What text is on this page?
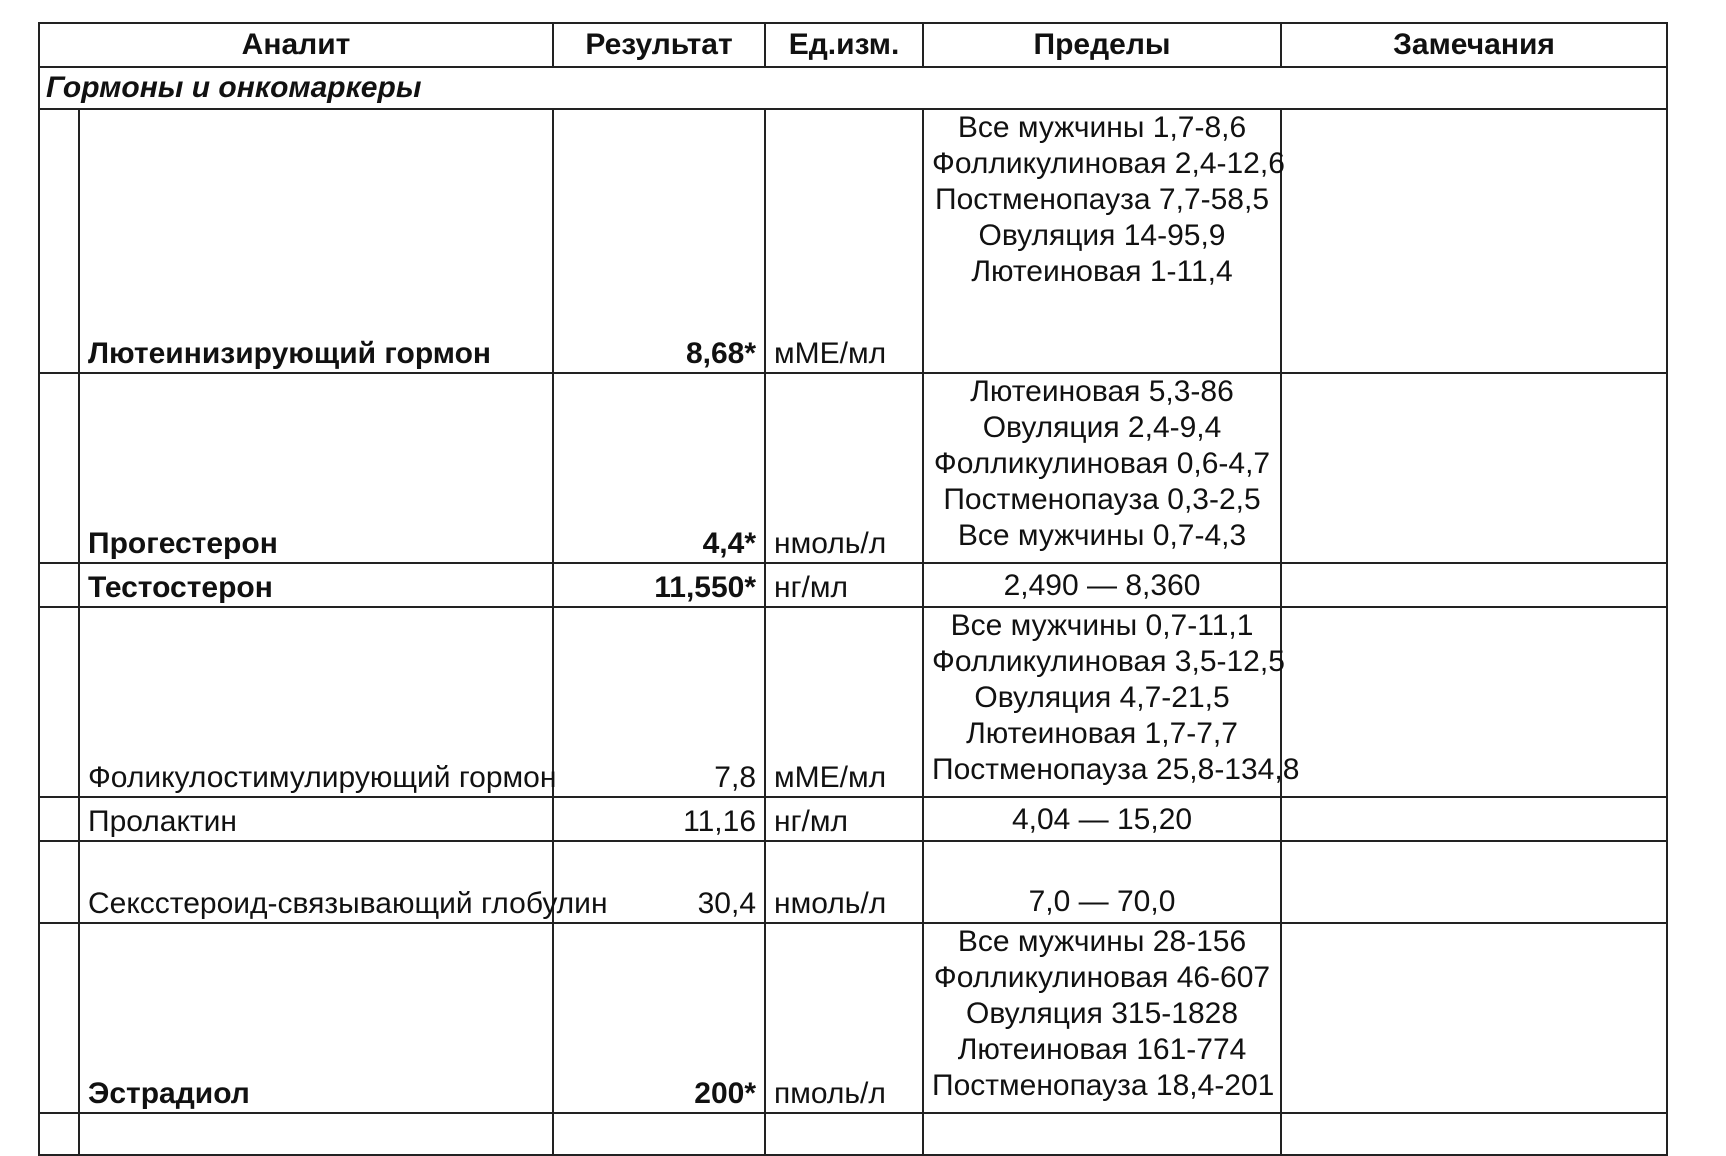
Аналит		Результат	Ед.изм.	Пределы	Замечания
Гормоны и онкомаркеры					
	Лютеинизирующий гормон	8,68*	мМЕ/мл	Все мужчины 1,7-8,6
Фолликулиновая 2,4-12,6
Постменопауза 7,7-58,5
Овуляция 14-95,9
Лютеиновая 1-11,4	

	Прогестерон	4,4*	нмоль/л	Лютеиновая 5,3-86
Овуляция 2,4-9,4
Фолликулиновая 0,6-4,7
Постменопауза 0,3-2,5
Все мужчины 0,7-4,3	

	Тестостерон	11,550*	нг/мл	2,490 — 8,360	

	Фоликулостимулирующий гормон	7,8	мМЕ/мл	Все мужчины 0,7-11,1
Фолликулиновая 3,5-12,5
Овуляция 4,7-21,5
Лютеиновая 1,7-7,7
Постменопауза 25,8-134,8	

	Пролактин	11,16	нг/мл	4,04 — 15,20	

	Сексстероид-связывающий глобулин	30,4	нмоль/л	7,0 — 70,0	

	Эстрадиол	200*	пмоль/л	Все мужчины 28-156
Фолликулиновая 46-607
Овуляция 315-1828
Лютеиновая 161-774
Постменопауза 18,4-201	
